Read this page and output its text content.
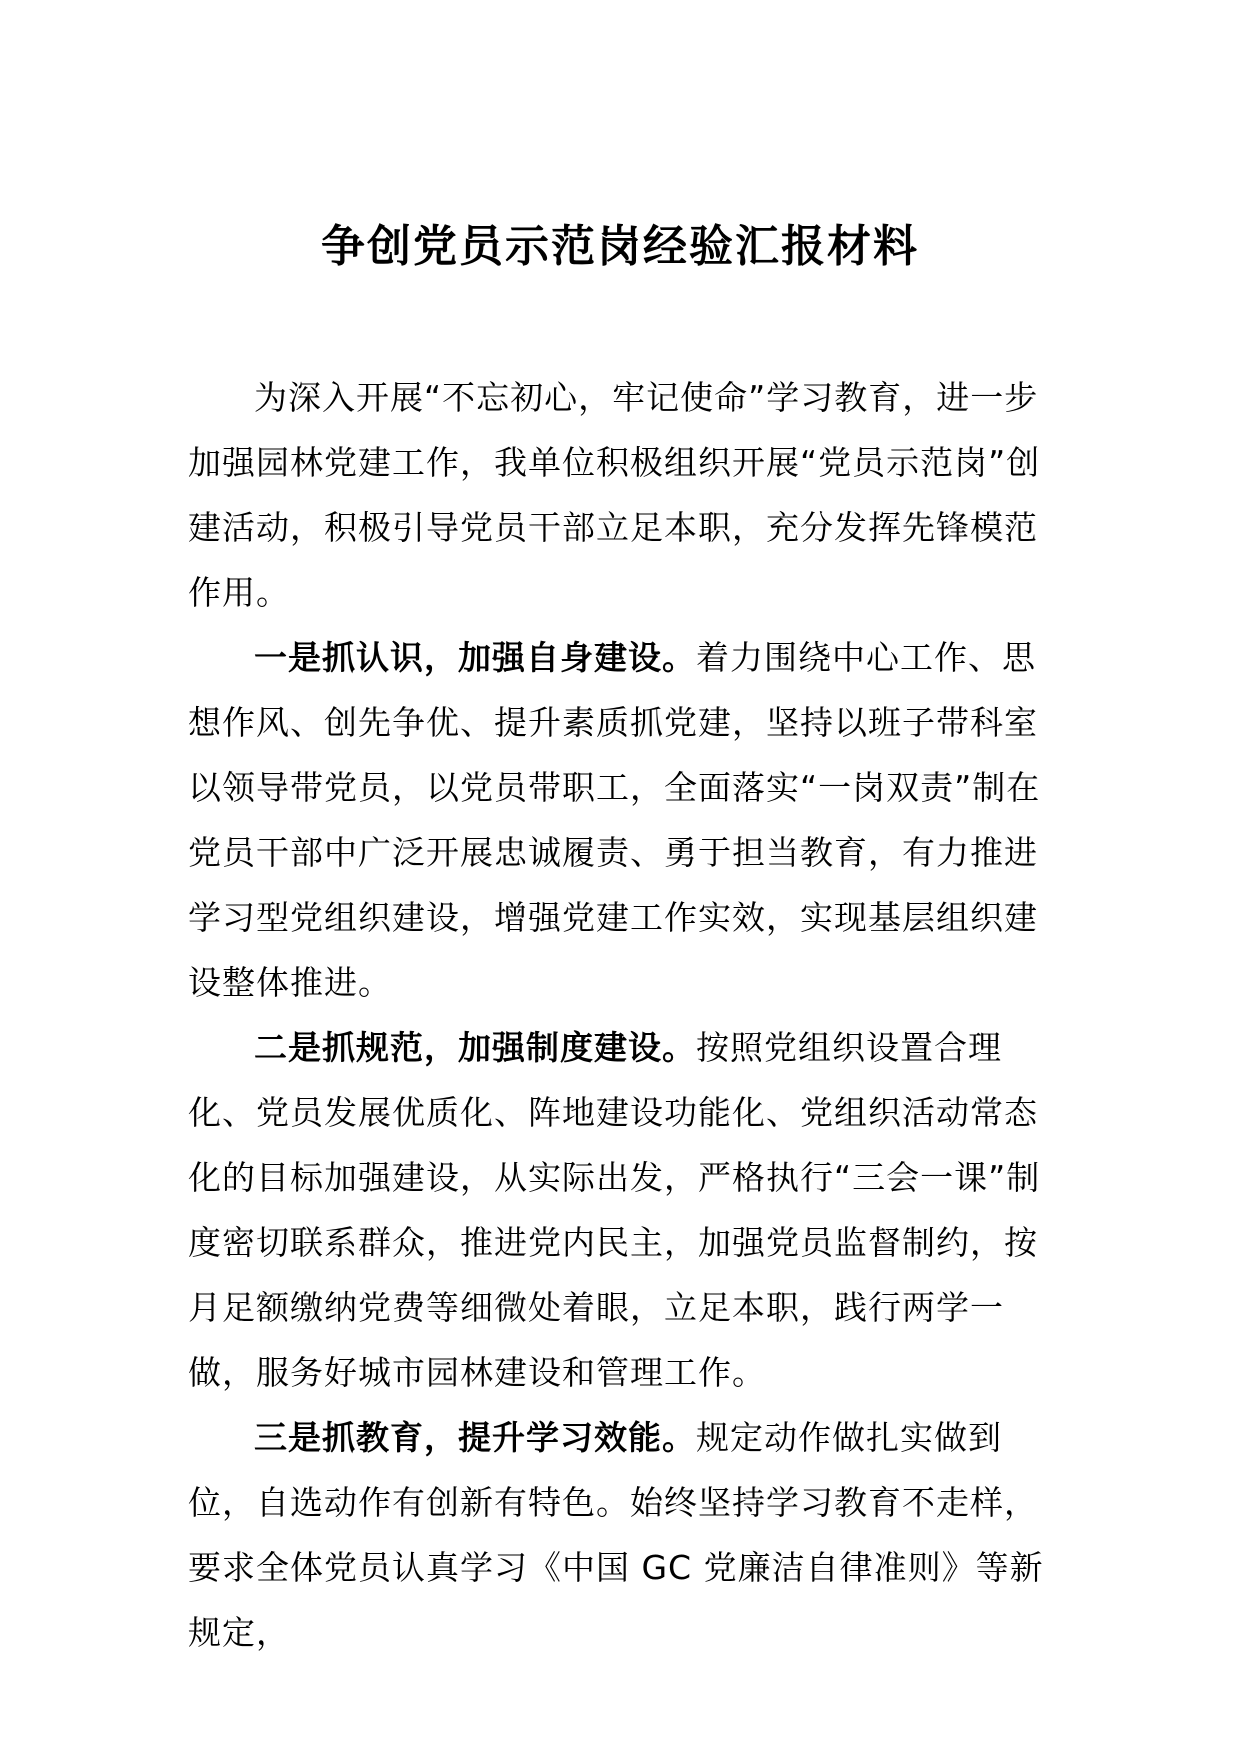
争创党员示范岗经验汇报材料

为深入开展“不忘初心，牢记使命”学习教育，进一步加强园林党建工作，我单位积极组织开展“党员示范岗”创建活动，积极引导党员干部立足本职，充分发挥先锋模范作用。

一是抓认识，加强自身建设。着力围绕中心工作、思想作风、创先争优、提升素质抓党建，坚持以班子带科室以领导带党员，以党员带职工，全面落实“一岗双责”制在党员干部中广泛开展忠诚履责、勇于担当教育，有力推进学习型党组织建设，增强党建工作实效，实现基层组织建设整体推进。

二是抓规范，加强制度建设。按照党组织设置合理化、党员发展优质化、阵地建设功能化、党组织活动常态化的目标加强建设，从实际出发，严格执行“三会一课”制度密切联系群众，推进党内民主，加强党员监督制约，按月足额缴纳党费等细微处着眼，立足本职，践行两学一做，服务好城市园林建设和管理工作。

三是抓教育，提升学习效能。规定动作做扎实做到位，自选动作有创新有特色。始终坚持学习教育不走样，要求全体党员认真学习《中国 GC 党廉洁自律准则》等新规定，
